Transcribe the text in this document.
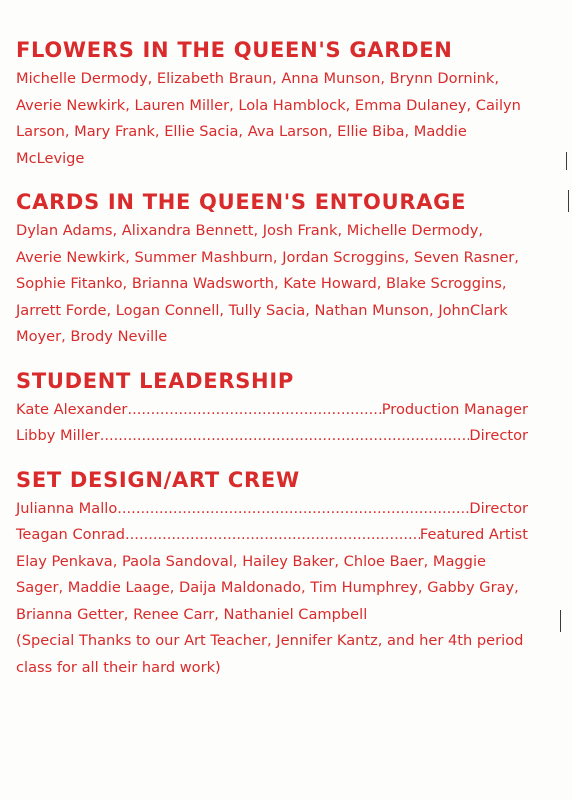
FLOWERS IN THE QUEEN'S GARDEN

Michelle Dermody, Elizabeth Braun, Anna Munson, Brynn Dornink, Averie Newkirk, Lauren Miller, Lola Hamblock, Emma Dulaney, Cailyn Larson, Mary Frank, Ellie Sacia, Ava Larson, Ellie Biba, Maddie McLevige

CARDS IN THE QUEEN'S ENTOURAGE

Dylan Adams, Alixandra Bennett, Josh Frank, Michelle Dermody, Averie Newkirk, Summer Mashburn, Jordan Scroggins, Seven Rasner, Sophie Fitanko, Brianna Wadsworth, Kate Howard, Blake Scroggins, Jarrett Forde, Logan Connell, Tully Sacia, Nathan Munson, JohnClark Moyer, Brody Neville

STUDENT LEADERSHIP
Kate Alexander .....	Production Manager
Libby Miller .....	Director
SET DESIGN/ART CREW
Julianna Mallo .....	Director
Teagan Conrad .....	Featured Artist

Elay Penkava, Paola Sandoval, Hailey Baker, Chloe Baer, Maggie Sager, Maddie Laage, Daija Maldonado, Tim Humphrey, Gabby Gray, Brianna Getter, Renee Carr, Nathaniel Campbell

(Special Thanks to our Art Teacher, Jennifer Kantz, and her 4th period class for all their hard work)
